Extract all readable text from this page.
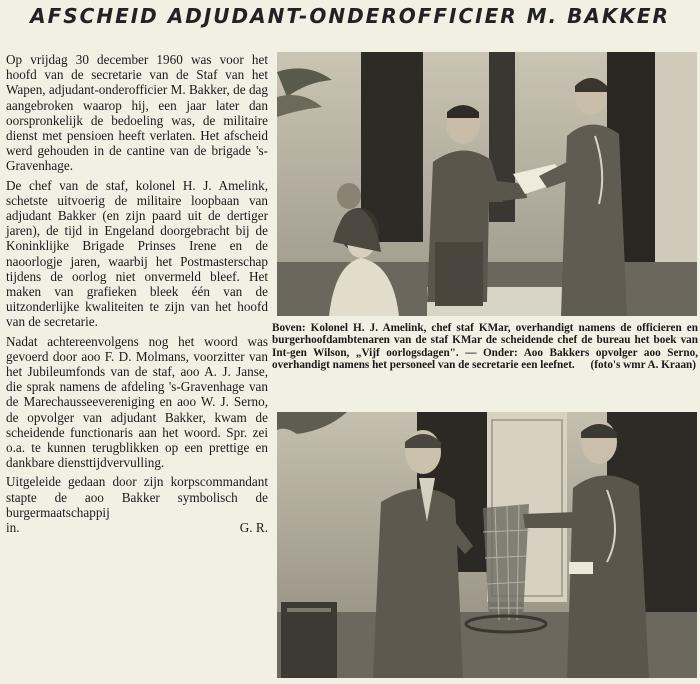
AFSCHEID ADJUDANT-ONDEROFFICIER M. BAKKER

Op vrijdag 30 december 1960 was voor het hoofd van de secretarie van de Staf van het Wapen, adjudant-onderofficier M. Bakker, de dag aangebroken waarop hij, een jaar later dan oorspronkelijk de bedoeling was, de militaire dienst met pensioen heeft verlaten. Het afscheid werd gehouden in de cantine van de brigade 's-Gravenhage.

De chef van de staf, kolonel H. J. Amelink, schetste uitvoerig de militaire loopbaan van adjudant Bakker (en zijn paard uit de dertiger jaren), de tijd in Engeland doorgebracht bij de Koninklijke Brigade Prinses Irene en de naoorlogje jaren, waarbij het Postmasterschap tijdens de oorlog niet onvermeld bleef. Het maken van grafieken bleek één van de uitzonderlijke kwaliteiten te zijn van het hoofd van de secretarie.

Nadat achtereenvolgens nog het woord was gevoerd door aoo F. D. Molmans, voorzitter van het Jubileumfonds van de staf, aoo A. J. Janse, die sprak namens de afdeling 's-Gravenhage van de Marechausseevereniging en aoo W. J. Serno, de opvolger van adjudant Bakker, kwam de scheidende functionaris aan het woord. Spr. zei o.a. te kunnen terugblikken op een prettige en dankbare diensttijdvervulling.

Uitgeleide gedaan door zijn korpscommandant stapte de aoo Bakker symbolisch de burgermaatschappij

in.	G. R.
Boven: Kolonel H. J. Amelink, chef staf KMar, overhandigt namens de officieren en burgerhoofdambtenaren van de staf KMar de scheidende chef de bureau het boek van Int-gen Wilson, „Vijf oorlogsdagen". — Onder: Aoo Bakkers opvolger aoo Serno, overhandigt namens het personeel van de secretarie een leefnet. (foto's wmr A. Kraan)
